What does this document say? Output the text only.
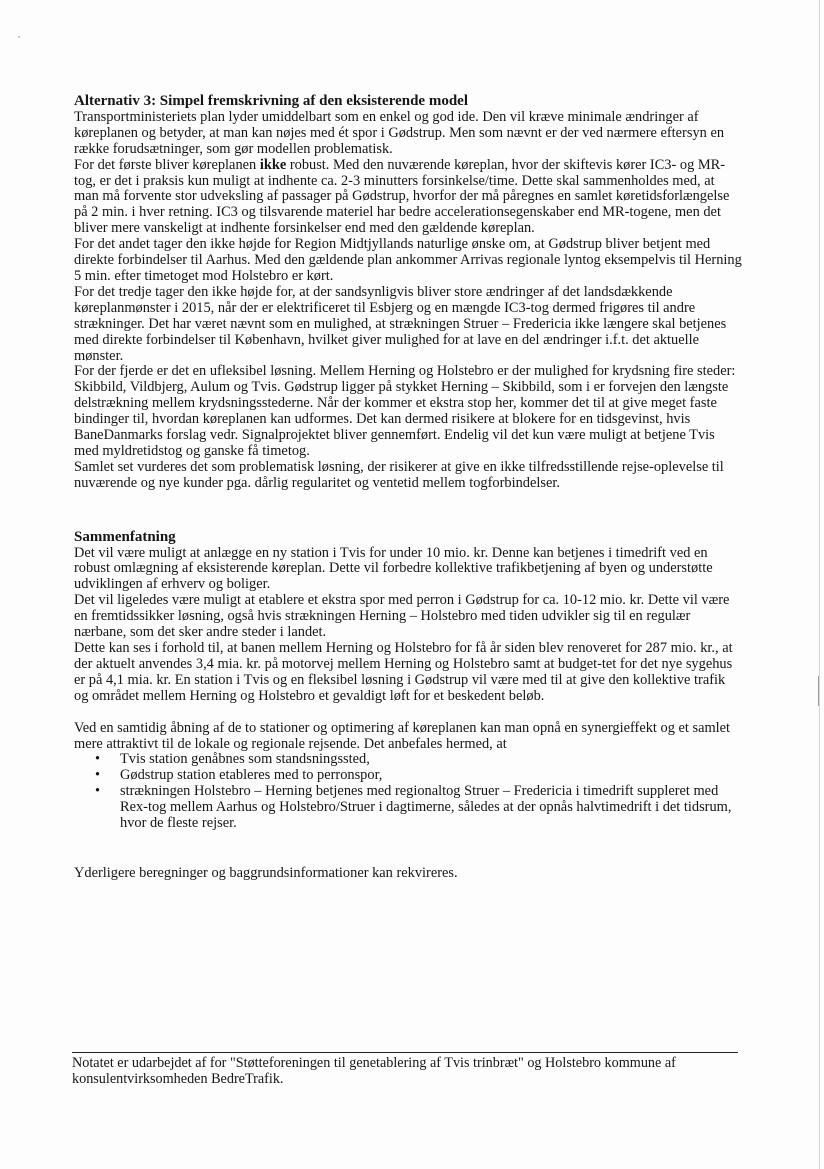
Alternativ 3: Simpel fremskrivning af den eksisterende model

Transportministeriets plan lyder umiddelbart som en enkel og god ide. Den vil kræve minimale ændringer af køreplanen og betyder, at man kan nøjes med ét spor i Gødstrup. Men som nævnt er der ved nærmere eftersyn en række forudsætninger, som gør modellen problematisk.

For det første bliver køreplanen ikke robust. Med den nuværende køreplan, hvor der skiftevis kører IC3- og MR-tog, er det i praksis kun muligt at indhente ca. 2-3 minutters forsinkelse/time. Dette skal sammenholdes med, at man må forvente stor udveksling af passager på Gødstrup, hvorfor der må påregnes en samlet køretidsforlængelse på 2 min. i hver retning. IC3 og tilsvarende materiel har bedre accelerationsegenskaber end MR-togene, men det bliver mere vanskeligt at indhente forsinkelser end med den gældende køreplan.

For det andet tager den ikke højde for Region Midtjyllands naturlige ønske om, at Gødstrup bliver betjent med direkte forbindelser til Aarhus. Med den gældende plan ankommer Arrivas regionale lyntog eksempelvis til Herning 5 min. efter timetoget mod Holstebro er kørt.

For det tredje tager den ikke højde for, at der sandsynligvis bliver store ændringer af det landsdækkende køreplanmønster i 2015, når der er elektrificeret til Esbjerg og en mængde IC3-tog dermed frigøres til andre strækninger. Det har været nævnt som en mulighed, at strækningen Struer – Fredericia ikke længere skal betjenes med direkte forbindelser til København, hvilket giver mulighed for at lave en del ændringer i.f.t. det aktuelle mønster.

For der fjerde er det en ufleksibel løsning. Mellem Herning og Holstebro er der mulighed for krydsning fire steder: Skibbild, Vildbjerg, Aulum og Tvis. Gødstrup ligger på stykket Herning – Skibbild, som i er forvejen den længste delstrækning mellem krydsningsstederne. Når der kommer et ekstra stop her, kommer det til at give meget faste bindinger til, hvordan køreplanen kan udformes. Det kan dermed risikere at blokere for en tidsgevinst, hvis BaneDanmarks forslag vedr. Signalprojektet bliver gennemført. Endelig vil det kun være muligt at betjene Tvis med myldretidstog og ganske få timetog.

Samlet set vurderes det som problematisk løsning, der risikerer at give en ikke tilfredsstillende rejse-oplevelse til nuværende og nye kunder pga. dårlig regularitet og ventetid mellem togforbindelser.

Sammenfatning

Det vil være muligt at anlægge en ny station i Tvis for under 10 mio. kr. Denne kan betjenes i timedrift ved en robust omlægning af eksisterende køreplan. Dette vil forbedre kollektive trafikbetjening af byen og understøtte udviklingen af erhverv og boliger.

Det vil ligeledes være muligt at etablere et ekstra spor med perron i Gødstrup for ca. 10-12 mio. kr. Dette vil være en fremtidssikker løsning, også hvis strækningen Herning – Holstebro med tiden udvikler sig til en regulær nærbane, som det sker andre steder i landet.

Dette kan ses i forhold til, at banen mellem Herning og Holstebro for få år siden blev renoveret for 287 mio. kr., at der aktuelt anvendes 3,4 mia. kr. på motorvej mellem Herning og Holstebro samt at budget-tet for det nye sygehus er på 4,1 mia. kr. En station i Tvis og en fleksibel løsning i Gødstrup vil være med til at give den kollektive trafik og området mellem Herning og Holstebro et gevaldigt løft for et beskedent beløb.

Ved en samtidig åbning af de to stationer og optimering af køreplanen kan man opnå en synergieffekt og et samlet mere attraktivt til de lokale og regionale rejsende. Det anbefales hermed, at

• Tvis station genåbnes som standsningssted,
• Gødstrup station etableres med to perronspor,
• strækningen Holstebro – Herning betjenes med regionaltog Struer – Fredericia i timedrift suppleret med Rex-tog mellem Aarhus og Holstebro/Struer i dagtimerne, således at der opnås halvtimedrift i det tidsrum, hvor de fleste rejser.

Yderligere beregninger og baggrundsinformationer kan rekvireres.

Notatet er udarbejdet af for "Støtteforeningen til genetablering af Tvis trinbræt" og Holstebro kommune af konsulentvirksomheden BedreTrafik.
